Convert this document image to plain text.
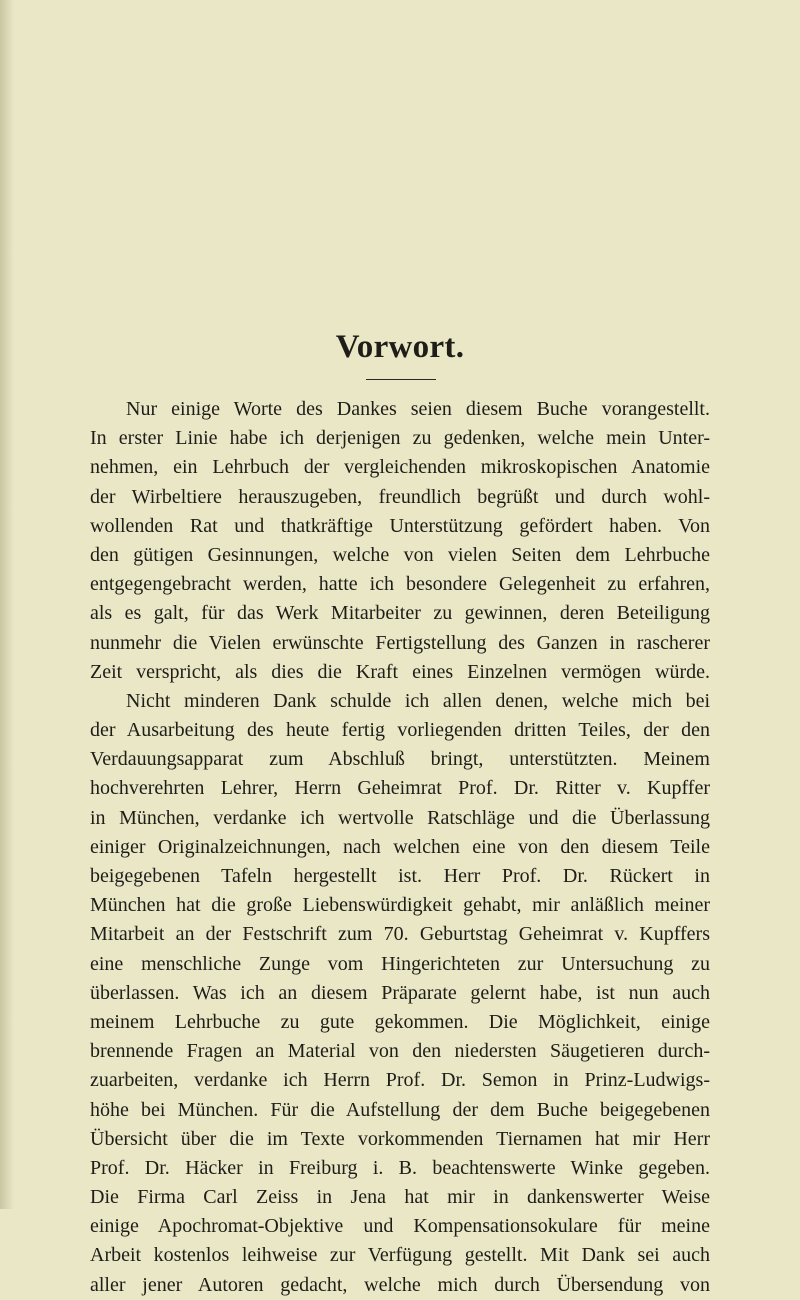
Vorwort.
Nur einige Worte des Dankes seien diesem Buche vorangestellt.
In erster Linie habe ich derjenigen zu gedenken, welche mein Unter-
nehmen, ein Lehrbuch der vergleichenden mikroskopischen Anatomie
der Wirbeltiere herauszugeben, freundlich begrüßt und durch wohl-
wollenden Rat und thatkräftige Unterstützung gefördert haben. Von
den gütigen Gesinnungen, welche von vielen Seiten dem Lehrbuche
entgegengebracht werden, hatte ich besondere Gelegenheit zu erfahren,
als es galt, für das Werk Mitarbeiter zu gewinnen, deren Beteiligung
nunmehr die Vielen erwünschte Fertigstellung des Ganzen in rascherer
Zeit verspricht, als dies die Kraft eines Einzelnen vermögen würde.
Nicht minderen Dank schulde ich allen denen, welche mich bei
der Ausarbeitung des heute fertig vorliegenden dritten Teiles, der den
Verdauungsapparat zum Abschluß bringt, unterstützten. Meinem
hochverehrten Lehrer, Herrn Geheimrat Prof. Dr. Ritter v. Kupffer
in München, verdanke ich wertvolle Ratschläge und die Überlassung
einiger Originalzeichnungen, nach welchen eine von den diesem Teile
beigegebenen Tafeln hergestellt ist. Herr Prof. Dr. Rückert in
München hat die große Liebenswürdigkeit gehabt, mir anläßlich meiner
Mitarbeit an der Festschrift zum 70. Geburtstag Geheimrat v. Kupffers
eine menschliche Zunge vom Hingerichteten zur Untersuchung zu
überlassen. Was ich an diesem Präparate gelernt habe, ist nun auch
meinem Lehrbuche zu gute gekommen. Die Möglichkeit, einige
brennende Fragen an Material von den niedersten Säugetieren durch-
zuarbeiten, verdanke ich Herrn Prof. Dr. Semon in Prinz-Ludwigs-
höhe bei München. Für die Aufstellung der dem Buche beigegebenen
Übersicht über die im Texte vorkommenden Tiernamen hat mir Herr
Prof. Dr. Häcker in Freiburg i. B. beachtenswerte Winke gegeben.
Die Firma Carl Zeiss in Jena hat mir in dankenswerter Weise
einige Apochromat-Objektive und Kompensationsokulare für meine
Arbeit kostenlos leihweise zur Verfügung gestellt. Mit Dank sei auch
aller jener Autoren gedacht, welche mich durch Übersendung von
